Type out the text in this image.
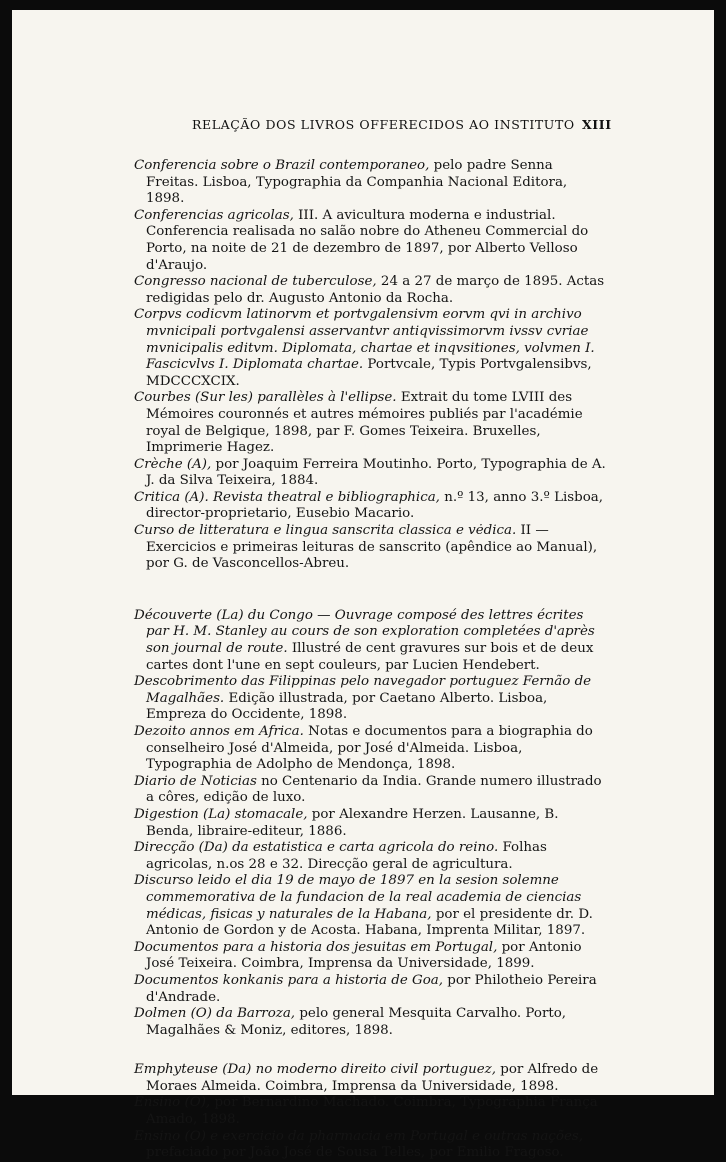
RELAÇÃO DOS LIVROS OFFERECIDOS AO INSTITUTO XIII

Conferencia sobre o Brazil contemporaneo, pelo padre Senna Freitas. Lisboa, Typographia da Companhia Nacional Editora, 1898.

Conferencias agricolas, III. A avicultura moderna e industrial. Conferencia realisada no salão nobre do Atheneu Commercial do Porto, na noite de 21 de dezembro de 1897, por Alberto Velloso d'Araujo.

Congresso nacional de tuberculose, 24 a 27 de março de 1895. Actas redigidas pelo dr. Augusto Antonio da Rocha.

Corpvs codicvm latinorvm et portvgalensivm eorvm qvi in archivo mvnicipali portvgalensi asservantvr antiqvissimorvm ivssv cvriae mvnicipalis editvm. Diplomata, chartae et inqvsitiones, volvmen I. Fascicvlvs I. Diplomata chartae. Portvcale, Typis Portvgalensibvs, MDCCCXCIX.

Courbes (Sur les) parallèles à l'ellipse. Extrait du tome LVIII des Mémoires couronnés et autres mémoires publiés par l'académie royal de Belgique, 1898, par F. Gomes Teixeira. Bruxelles, Imprimerie Hagez.

Crèche (A), por Joaquim Ferreira Moutinho. Porto, Typographia de A. J. da Silva Teixeira, 1884.

Critica (A). Revista theatral e bibliographica, n.º 13, anno 3.º Lisboa, director-proprietario, Eusebio Macario.

Curso de litteratura e lingua sanscrita classica e vėdica. II — Exercicios e primeiras leituras de sanscrito (apêndice ao Manual), por G. de Vasconcellos-Abreu.

Découverte (La) du Congo — Ouvrage composé des lettres écrites par H. M. Stanley au cours de son exploration completées d'après son journal de route. Illustré de cent gravures sur bois et de deux cartes dont l'une en sept couleurs, par Lucien Hendebert.

Descobrimento das Filippinas pelo navegador portuguez Fernão de Magalhães. Edição illustrada, por Caetano Alberto. Lisboa, Empreza do Occidente, 1898.

Dezoito annos em Africa. Notas e documentos para a biographia do conselheiro José d'Almeida, por José d'Almeida. Lisboa, Typographia de Adolpho de Mendonça, 1898.

Diario de Noticias no Centenario da India. Grande numero illustrado a côres, edição de luxo.

Digestion (La) stomacale, por Alexandre Herzen. Lausanne, B. Benda, libraire-editeur, 1886.

Direcção (Da) da estatistica e carta agricola do reino. Folhas agricolas, n.os 28 e 32. Direcção geral de agricultura.

Discurso leido el dia 19 de mayo de 1897 en la sesion solemne commemorativa de la fundacion de la real academia de ciencias médicas, fisicas y naturales de la Habana, por el presidente dr. D. Antonio de Gordon y de Acosta. Habana, Imprenta Militar, 1897.

Documentos para a historia dos jesuitas em Portugal, por Antonio José Teixeira. Coimbra, Imprensa da Universidade, 1899.

Documentos konkanis para a historia de Goa, por Philotheio Pereira d'Andrade.

Dolmen (O) da Barroza, pelo general Mesquita Carvalho. Porto, Magalhães & Moniz, editores, 1898.

Emphyteuse (Da) no moderno direito civil portuguez, por Alfredo de Moraes Almeida. Coimbra, Imprensa da Universidade, 1898.

Ensino (O), por Bernardino Machado. Coimbra, Typographia França Amado, 1898.

Ensino (O) e exercicio da pharmacia em Portugal e outras nações, prefaciado por João José de Sousa Telles, por Emilio Fragoso.
